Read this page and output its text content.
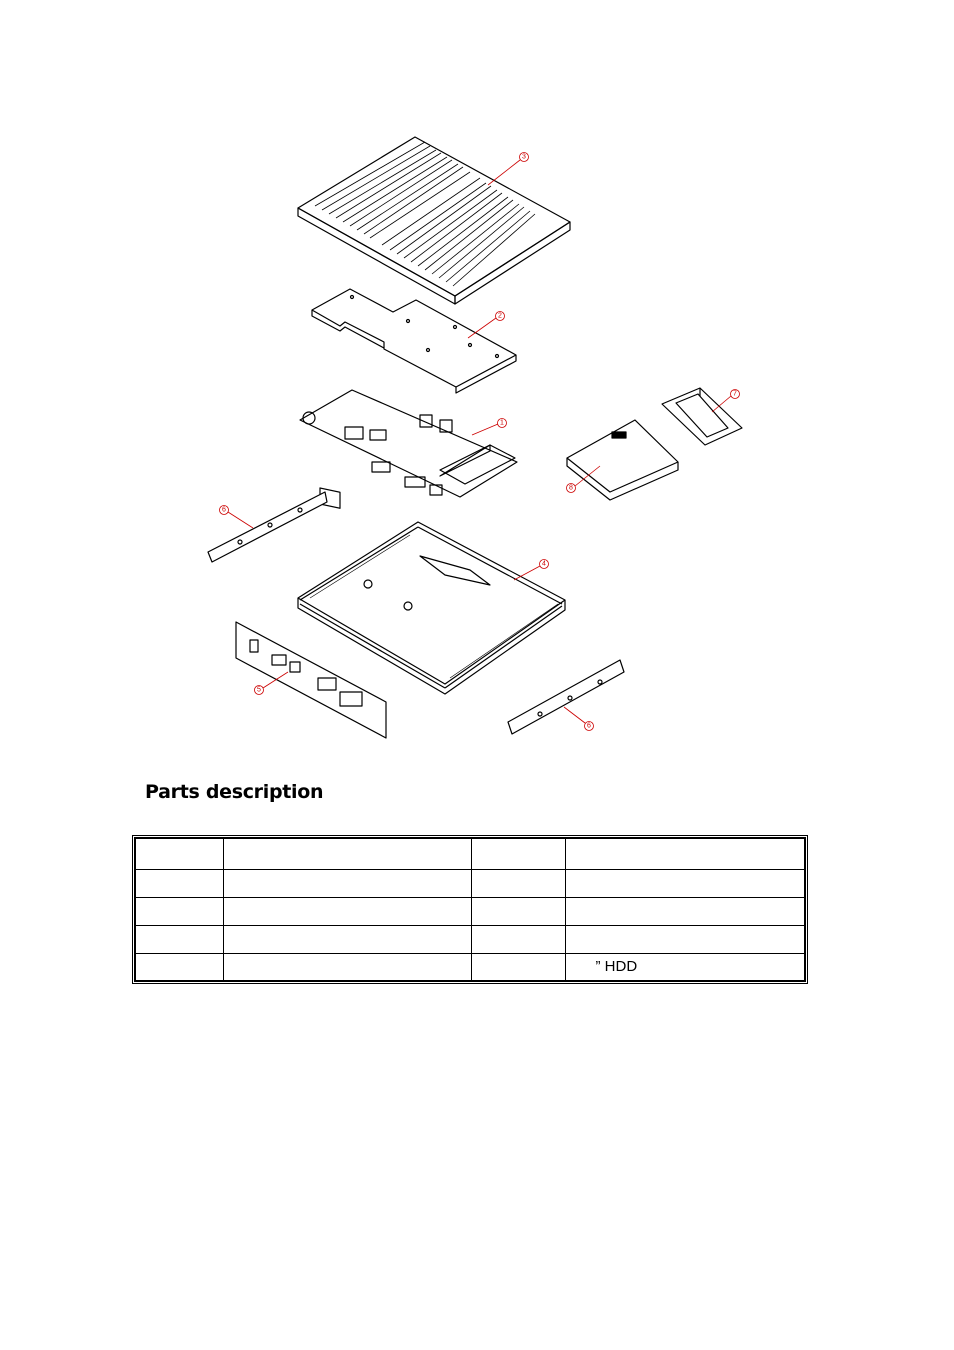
1
2
3
4
5
6
6
7
8
Parts description

			” HDD
